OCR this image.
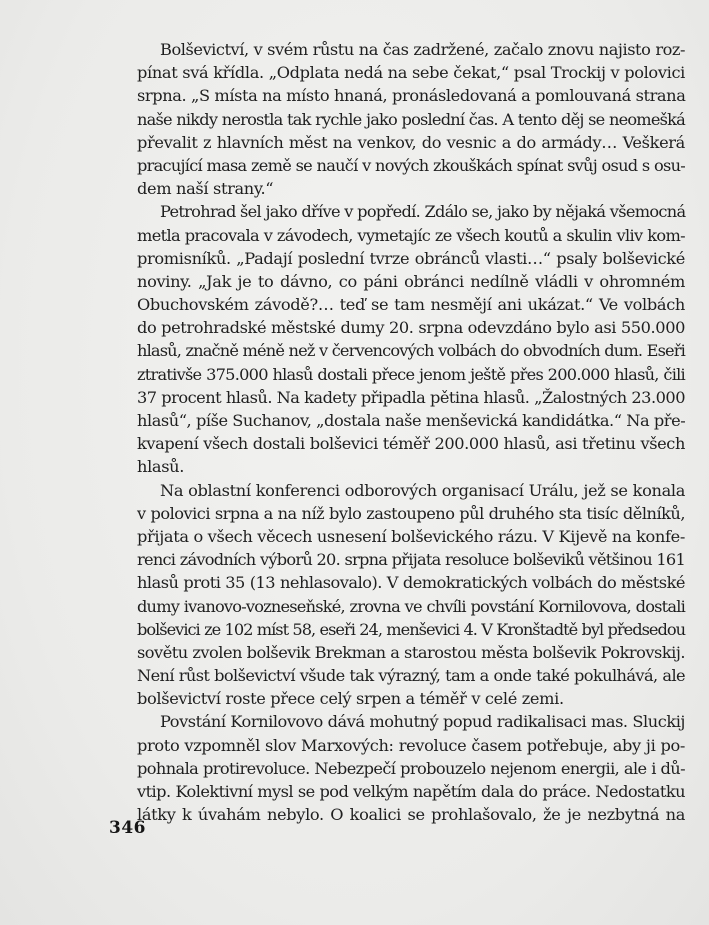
Bolševictví, v svém růstu na čas zadržené, začalo znovu najisto roz-
pínat svá křídla. „Odplata nedá na sebe čekat,“ psal Trockij v polovici
srpna. „S místa na místo hnaná, pronásledovaná a pomlouvaná strana
naše nikdy nerostla tak rychle jako poslední čas. A tento děj se neomešká
převalit z hlavních měst na venkov, do vesnic a do armády… Veškerá
pracující masa země se naučí v nových zkouškách spínat svůj osud s osu-
dem naší strany.“
Petrohrad šel jako dříve v popředí. Zdálo se, jako by nějaká všemocná
metla pracovala v závodech, vymetajíc ze všech koutů a skulin vliv kom-
promisníků. „Padají poslední tvrze obránců vlasti…“ psaly bolševické
noviny. „Jak je to dávno, co páni obránci nedílně vládli v ohromném
Obuchovském závodě?… teď se tam nesmějí ani ukázat.“ Ve volbách
do petrohradské městské dumy 20. srpna odevzdáno bylo asi 550.000
hlasů, značně méně než v červencových volbách do obvodních dum. Eseři
ztrativše 375.000 hlasů dostali přece jenom ještě přes 200.000 hlasů, čili
37 procent hlasů. Na kadety připadla pětina hlasů. „Žalostných 23.000
hlasů“, píše Suchanov, „dostala naše menševická kandidátka.“ Na pře-
kvapení všech dostali bolševici téměř 200.000 hlasů, asi třetinu všech
hlasů.
Na oblastní konferenci odborových organisací Urálu, jež se konala
v polovici srpna a na níž bylo zastoupeno půl druhého sta tisíc dělníků,
přijata o všech věcech usnesení bolševického rázu. V Kijevě na konfe-
renci závodních výborů 20. srpna přijata resoluce bolševiků většinou 161
hlasů proti 35 (13 nehlasovalo). V demokratických volbách do městské
dumy ivanovo-vozneseňské, zrovna ve chvíli povstání Kornilovova, dostali
bolševici ze 102 míst 58, eseři 24, menševici 4. V Kronštadtě byl předsedou
sovětu zvolen bolševik Brekman a starostou města bolševik Pokrovskij.
Není růst bolševictví všude tak výrazný, tam a onde také pokulhává, ale
bolševictví roste přece celý srpen a téměř v celé zemi.
Povstání Kornilovovo dává mohutný popud radikalisaci mas. Sluckij
proto vzpomněl slov Marxových: revoluce časem potřebuje, aby ji po-
pohnala protirevoluce. Nebezpečí probouzelo nejenom energii, ale i dů-
vtip. Kolektivní mysl se pod velkým napětím dala do práce. Nedostatku
látky k úvahám nebylo. O koalici se prohlašovalo, že je nezbytná na
346
